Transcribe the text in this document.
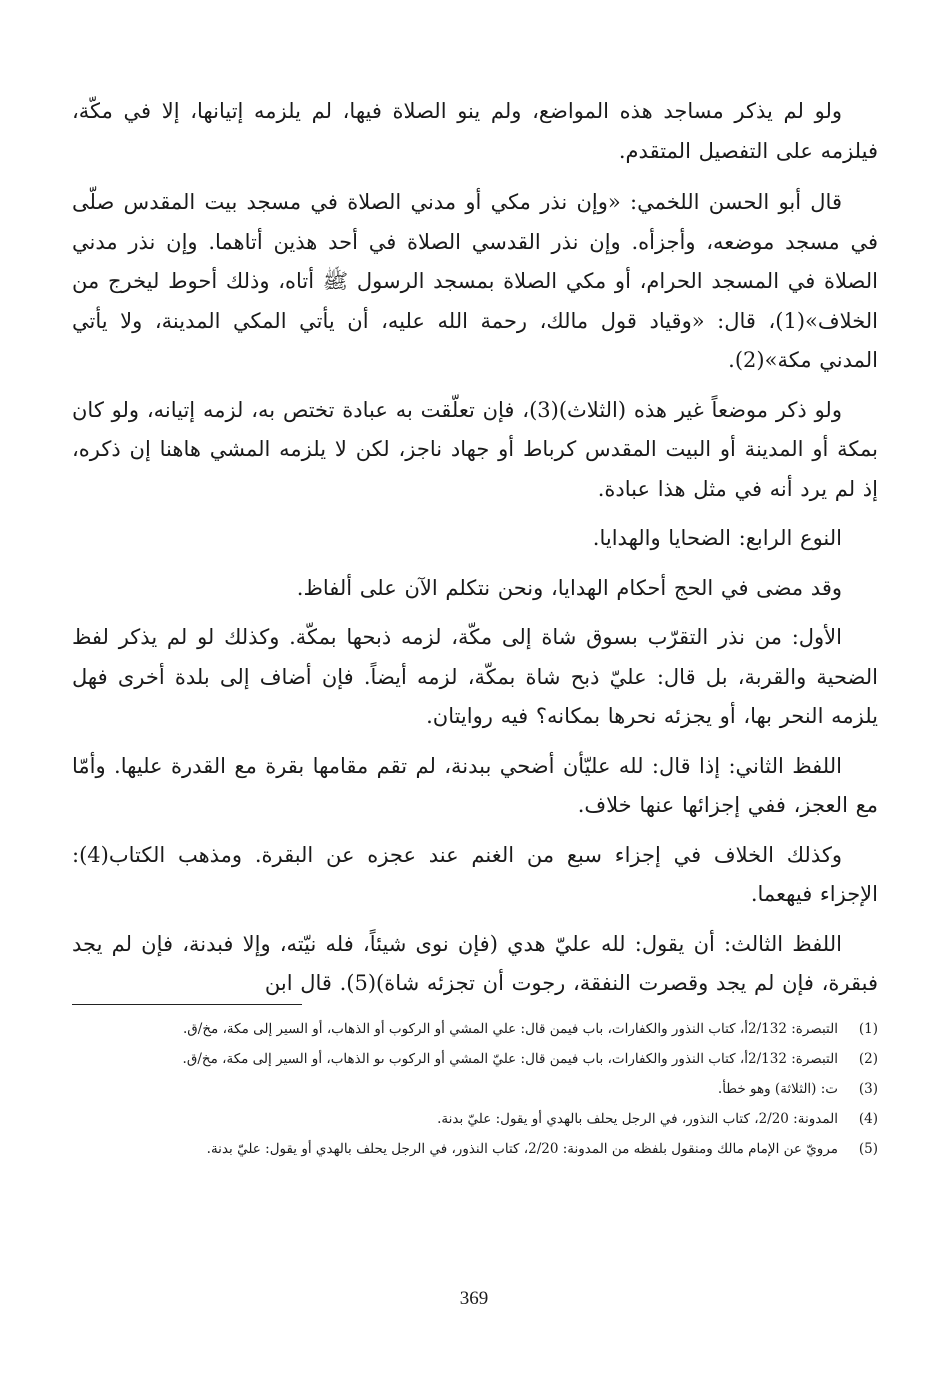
ولو لم يذكر مساجد هذه المواضع، ولم ينو الصلاة فيها، لم يلزمه إتيانها، إلا في مكّة، فيلزمه على التفصيل المتقدم.

قال أبو الحسن اللخمي: «وإن نذر مكي أو مدني الصلاة في مسجد بيت المقدس صلّى في مسجد موضعه، وأجزأه. وإن نذر القدسي الصلاة في أحد هذين أتاهما. وإن نذر مدني الصلاة في المسجد الحرام، أو مكي الصلاة بمسجد الرسول ﷺ أتاه، وذلك أحوط ليخرج من الخلاف»(1)، قال: «وقياد قول مالك، رحمة الله عليه، أن يأتي المكي المدينة، ولا يأتي المدني مكة»(2).

ولو ذكر موضعاً غير هذه (الثلاث)(3)، فإن تعلّقت به عبادة تختص به، لزمه إتيانه، ولو كان بمكة أو المدينة أو البيت المقدس كرباط أو جهاد ناجز، لكن لا يلزمه المشي هاهنا إن ذكره، إذ لم يرد أنه في مثل هذا عبادة.

النوع الرابع: الضحايا والهدايا.

وقد مضى في الحج أحكام الهدايا، ونحن نتكلم الآن على ألفاظ.

الأول: من نذر التقرّب بسوق شاة إلى مكّة، لزمه ذبحها بمكّة. وكذلك لو لم يذكر لفظ الضحية والقربة، بل قال: عليّ ذبح شاة بمكّة، لزمه أيضاً. فإن أضاف إلى بلدة أخرى فهل يلزمه النحر بها، أو يجزئه نحرها بمكانه؟ فيه روايتان.

اللفظ الثاني: إذا قال: لله عليّأن أضحي ببدنة، لم تقم مقامها بقرة مع القدرة عليها. وأمّا مع العجز، ففي إجزائها عنها خلاف.

وكذلك الخلاف في إجزاء سبع من الغنم عند عجزه عن البقرة. ومذهب الكتاب(4): الإجزاء فيهعما.

اللفظ الثالث: أن يقول: لله عليّ هدي (فإن نوى شيئاً، فله نيّته، وإلا فبدنة، فإن لم يجد فبقرة، فإن لم يجد وقصرت النفقة، رجوت أن تجزئه شاة)(5). قال ابن

(1)
التبصرة: 2/132أ، كتاب النذور والكفارات، باب فيمن قال: علي المشي أو الركوب أو الذهاب، أو السير إلى مكة، مخ/ق.
(2)
التبصرة: 2/132أ، كتاب النذور والكفارات، باب فيمن قال: عليّ المشي أو الركوب ىو الذهاب، أو السير إلى مكة، مخ/ق.
(3)
ت: (الثلاثة) وهو خطأ.
(4)
المدونة: 2/20، كتاب النذور، في الرجل يحلف بالهدي أو يقول: عليّ بدنة.
(5)
مرويّ عن الإمام مالك ومنقول بلفظه من المدونة: 2/20، كتاب النذور، في الرجل يحلف بالهدي أو يقول: عليّ بدنة.
369
